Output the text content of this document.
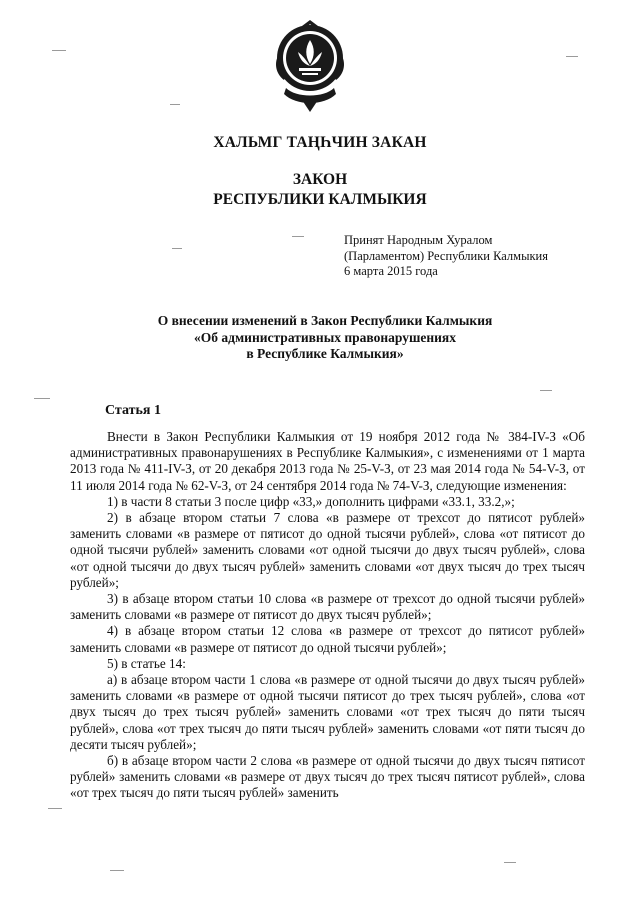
ХАЛЬМГ ТАҢҺЧИН ЗАКАН
ЗАКОН
РЕСПУБЛИКИ КАЛМЫКИЯ
Принят Народным Хуралом
(Парламентом) Республики Калмыкия
6 марта 2015 года
О внесении изменений в Закон Республики Калмыкия
«Об административных правонарушениях
в Республике Калмыкия»
Статья 1

Внести в Закон Республики Калмыкия от 19 ноября 2012 года № 384-IV-З «Об административных правонарушениях в Республике Калмыкия», с изменениями от 1 марта 2013 года № 411-IV-З, от 20 декабря 2013 года № 25-V-З, от 23 мая 2014 года № 54-V-З, от 11 июля 2014 года № 62-V-З, от 24 сентября 2014 года № 74-V-З, следующие изменения:

1) в части 8 статьи 3 после цифр «33,» дополнить цифрами «33.1, 33.2,»;

2) в абзаце втором статьи 7 слова «в размере от трехсот до пятисот рублей» заменить словами «в размере от пятисот до одной тысячи рублей», слова «от пятисот до одной тысячи рублей» заменить словами «от одной тысячи до двух тысяч рублей», слова «от одной тысячи до двух тысяч рублей» заменить словами «от двух тысяч до трех тысяч рублей»;

3) в абзаце втором статьи 10 слова «в размере от трехсот до одной тысячи рублей» заменить словами «в размере от пятисот до двух тысяч рублей»;

4) в абзаце втором статьи 12 слова «в размере от трехсот до пятисот рублей» заменить словами «в размере от пятисот до одной тысячи рублей»;

5) в статье 14:

а) в абзаце втором части 1 слова «в размере от одной тысячи до двух тысяч рублей» заменить словами «в размере от одной тысячи пятисот до трех тысяч рублей», слова «от двух тысяч до трех тысяч рублей» заменить словами «от трех тысяч до пяти тысяч рублей», слова «от трех тысяч до пяти тысяч рублей» заменить словами «от пяти тысяч до десяти тысяч рублей»;

б) в абзаце втором части 2 слова «в размере от одной тысячи до двух тысяч пятисот рублей» заменить словами «в размере от двух тысяч до трех тысяч пятисот рублей», слова «от трех тысяч до пяти тысяч рублей» заменить
